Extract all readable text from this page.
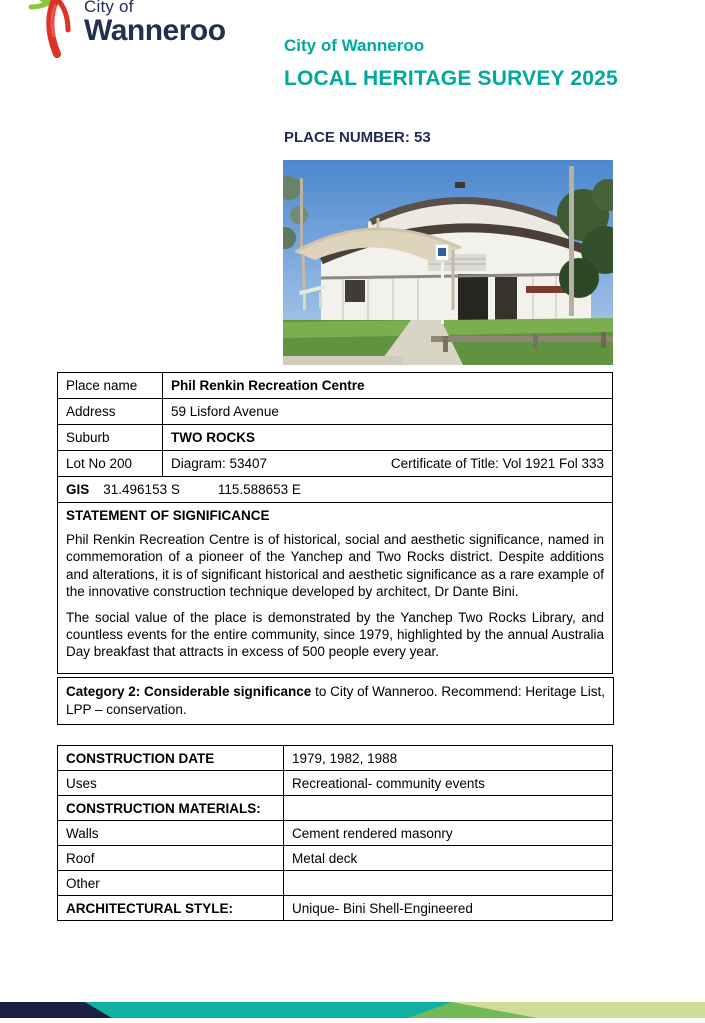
City of
Wanneroo	City of Wanneroo
LOCAL HERITAGE SURVEY 2025
PLACE NUMBER: 53
Place name	Phil Renkin Recreation Centre
Address	59 Lisford Avenue
Suburb	TWO ROCKS
Lot No 200	Diagram: 53407 Certificate of Title: Vol 1921 Fol 333

GIS 31.496153 S 115.588653 E	

STATEMENT OF SIGNIFICANCE

Phil Renkin Recreation Centre is of historical, social and aesthetic significance, named in commemoration of a pioneer of the Yanchep and Two Rocks district. Despite additions and alterations, it is of significant historical and aesthetic significance as a rare example of the innovative construction technique developed by architect, Dr Dante Bini.

The social value of the place is demonstrated by the Yanchep Two Rocks Library, and countless events for the entire community, since 1979, highlighted by the annual Australia Day breakfast that attracts in excess of 500 people every year.	

Category 2: Considerable significance to City of Wanneroo. Recommend: Heritage List, LPP – conservation.
CONSTRUCTION DATE	1979, 1982, 1988
Uses	Recreational- community events
CONSTRUCTION MATERIALS:	
Walls	Cement rendered masonry
Roof	Metal deck
Other	
ARCHITECTURAL STYLE:	Unique- Bini Shell-Engineered
